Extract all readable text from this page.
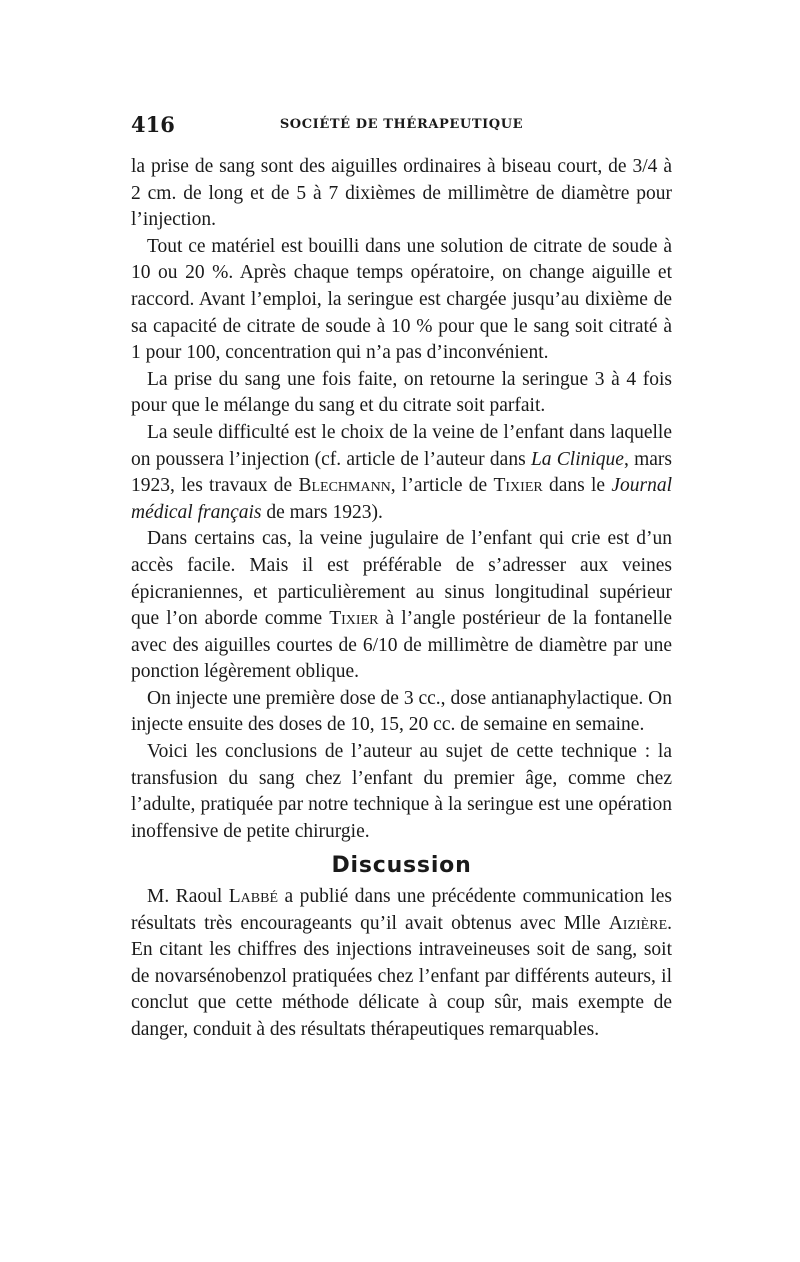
416	SOCIÉTÉ DE THÉRAPEUTIQUE

la prise de sang sont des aiguilles ordinaires à biseau court, de 3/4 à 2 cm. de long et de 5 à 7 dixièmes de millimètre de diamètre pour l’injection.

Tout ce matériel est bouilli dans une solution de citrate de soude à 10 ou 20 %. Après chaque temps opératoire, on change aiguille et raccord. Avant l’emploi, la seringue est chargée jusqu’au dixième de sa capacité de citrate de soude à 10 % pour que le sang soit citraté à 1 pour 100, concentration qui n’a pas d’inconvénient.

La prise du sang une fois faite, on retourne la seringue 3 à 4 fois pour que le mélange du sang et du citrate soit parfait.

La seule difficulté est le choix de la veine de l’enfant dans laquelle on poussera l’injection (cf. article de l’auteur dans La Clinique, mars 1923, les travaux de Blechmann, l’article de Tixier dans le Journal médical français de mars 1923).

Dans certains cas, la veine jugulaire de l’enfant qui crie est d’un accès facile. Mais il est préférable de s’adresser aux veines épicraniennes, et particulièrement au sinus longitudinal supérieur que l’on aborde comme Tixier à l’angle postérieur de la fontanelle avec des aiguilles courtes de 6/10 de millimètre de diamètre par une ponction légèrement oblique.

On injecte une première dose de 3 cc., dose antianaphylactique. On injecte ensuite des doses de 10, 15, 20 cc. de semaine en semaine.

Voici les conclusions de l’auteur au sujet de cette technique : la transfusion du sang chez l’enfant du premier âge, comme chez l’adulte, pratiquée par notre technique à la seringue est une opération inoffensive de petite chirurgie.

Discussion

M. Raoul Labbé a publié dans une précédente communication les résultats très encourageants qu’il avait obtenus avec Mlle Aizière. En citant les chiffres des injections intraveineuses soit de sang, soit de novarsénobenzol pratiquées chez l’enfant par différents auteurs, il conclut que cette méthode délicate à coup sûr, mais exempte de danger, conduit à des résultats thérapeutiques remarquables.
